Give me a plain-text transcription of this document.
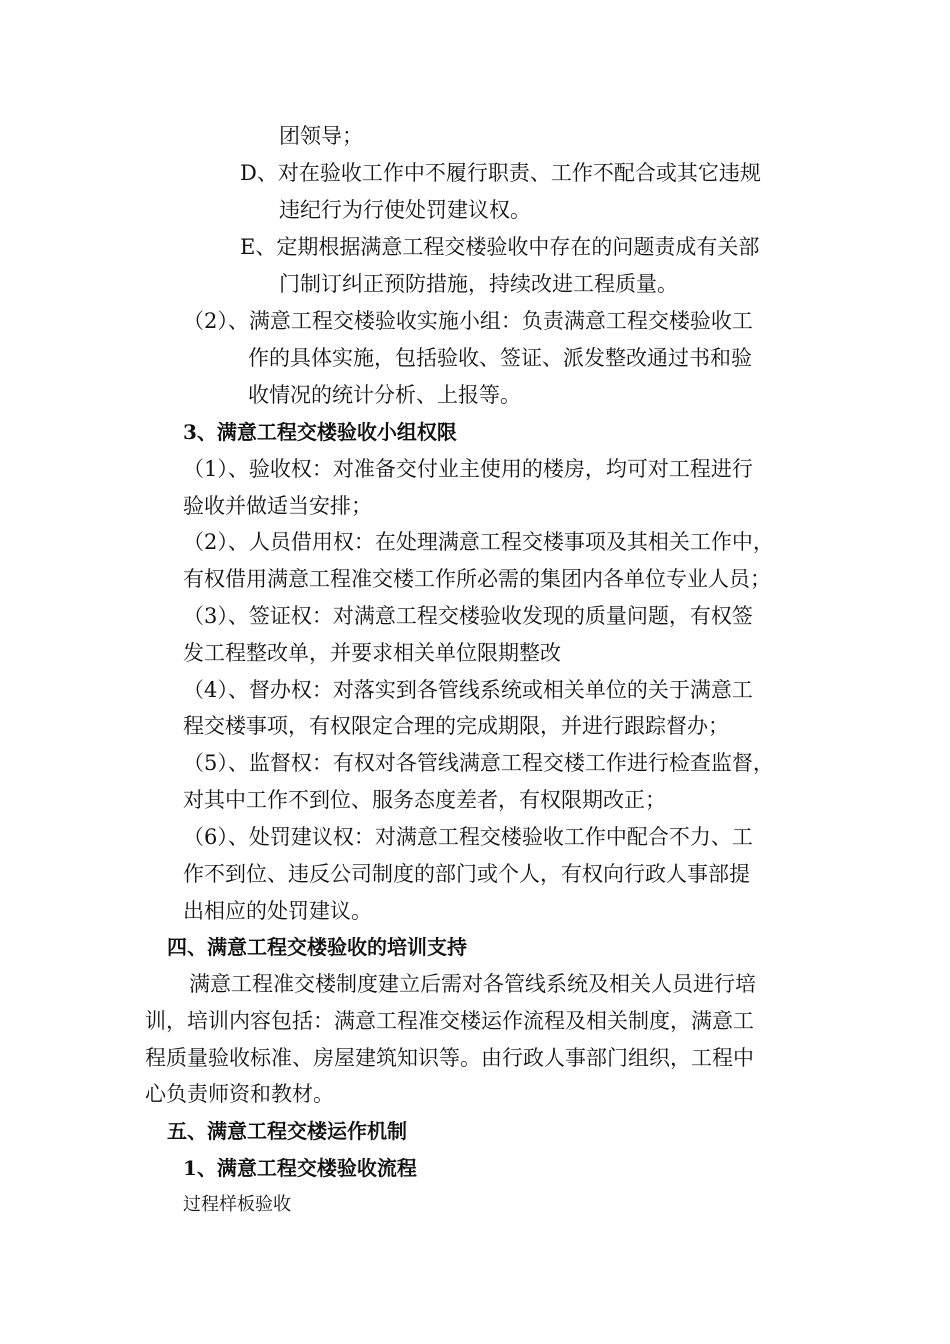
团领导；
D、对在验收工作中不履行职责、工作不配合或其它违规
违纪行为行使处罚建议权。
E、定期根据满意工程交楼验收中存在的问题责成有关部
门制订纠正预防措施，持续改进工程质量。
（2）、满意工程交楼验收实施小组：负责满意工程交楼验收工
作的具体实施，包括验收、签证、派发整改通过书和验
收情况的统计分析、上报等。
3、满意工程交楼验收小组权限
（1）、验收权：对准备交付业主使用的楼房，均可对工程进行
验收并做适当安排；
（2）、人员借用权：在处理满意工程交楼事项及其相关工作中，
有权借用满意工程准交楼工作所必需的集团内各单位专业人员；
（3）、签证权：对满意工程交楼验收发现的质量问题，有权签
发工程整改单，并要求相关单位限期整改
（4）、督办权：对落实到各管线系统或相关单位的关于满意工
程交楼事项，有权限定合理的完成期限，并进行跟踪督办；
（5）、监督权：有权对各管线满意工程交楼工作进行检查监督，
对其中工作不到位、服务态度差者，有权限期改正；
（6）、处罚建议权：对满意工程交楼验收工作中配合不力、工
作不到位、违反公司制度的部门或个人，有权向行政人事部提
出相应的处罚建议。
四、满意工程交楼验收的培训支持
满意工程准交楼制度建立后需对各管线系统及相关人员进行培
训，培训内容包括：满意工程准交楼运作流程及相关制度，满意工
程质量验收标准、房屋建筑知识等。由行政人事部门组织，工程中
心负责师资和教材。
五、满意工程交楼运作机制
1、满意工程交楼验收流程
过程样板验收
